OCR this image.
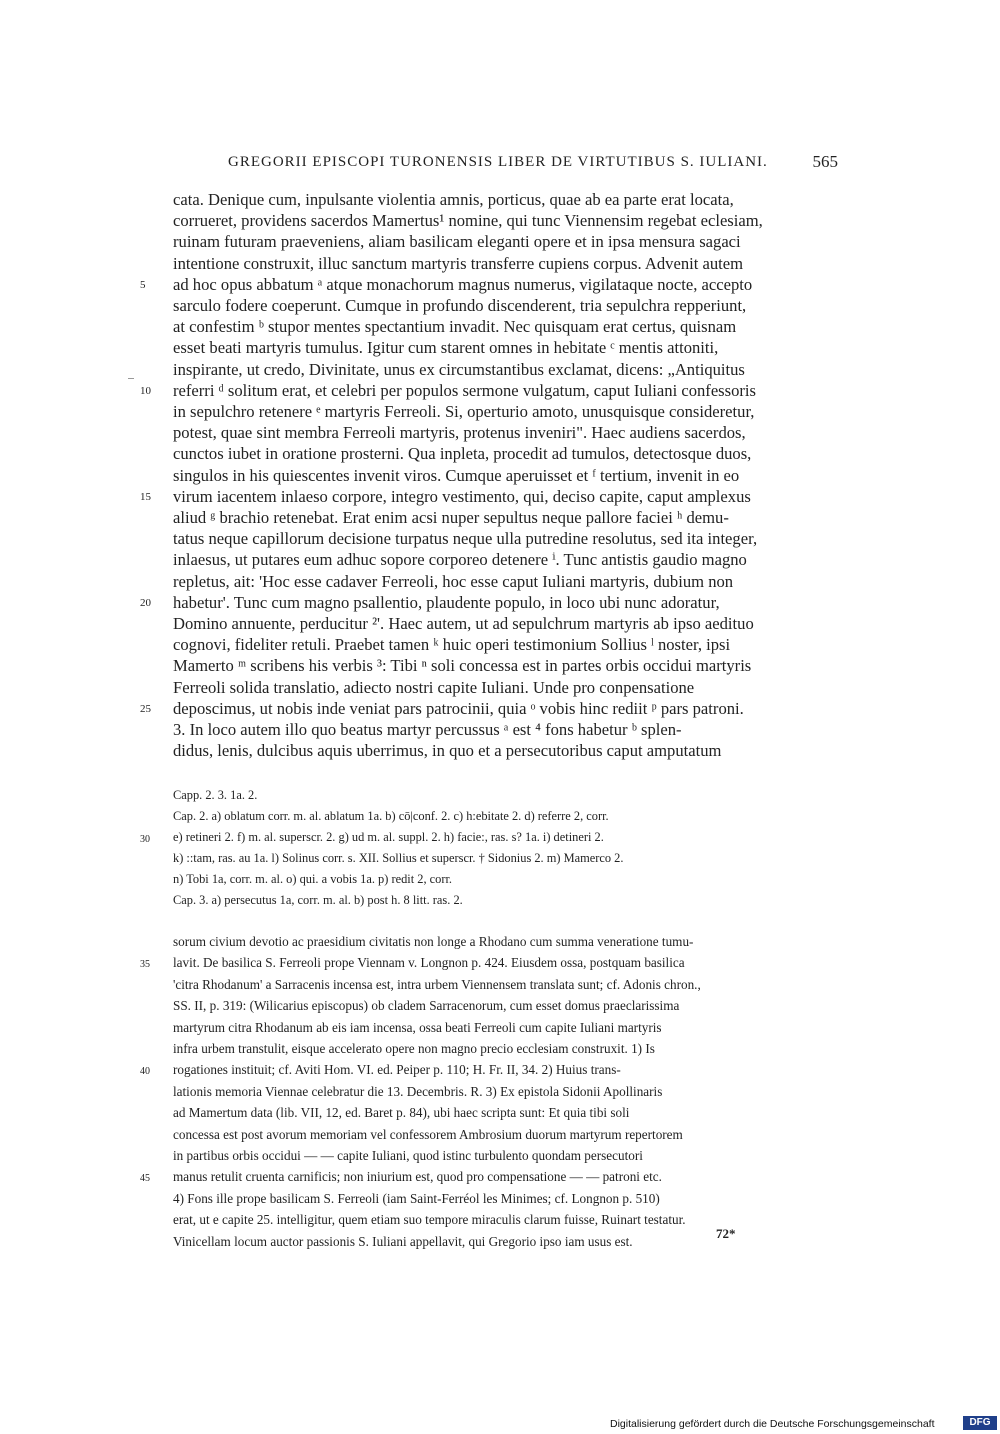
GREGORII EPISCOPI TURONENSIS LIBER DE VIRTUTIBUS S. IULIANI.	565
cata. Denique cum, inpulsante violentia amnis, porticus, quae ab ea parte erat locata,
corrueret, providens sacerdos Mamertus¹ nomine, qui tunc Viennensim regebat eclesiam,
ruinam futuram praeveniens, aliam basilicam eleganti opere et in ipsa mensura sagaci
intentione construxit, illuc sanctum martyris transferre cupiens corpus. Advenit autem
ad hoc opus abbatum ᵃ atque monachorum magnus numerus, vigilataque nocte, accepto
5
sarculo fodere coeperunt. Cumque in profundo discenderent, tria sepulchra repperiunt,
at confestim ᵇ stupor mentes spectantium invadit. Nec quisquam erat certus, quisnam
esset beati martyris tumulus. Igitur cum starent omnes in hebitate ᶜ mentis attoniti,
inspirante, ut credo, Divinitate, unus ex circumstantibus exclamat, dicens: „Antiquitus
referri ᵈ solitum erat, et celebri per populos sermone vulgatum, caput Iuliani confessoris
10
in sepulchro retenere ᵉ martyris Ferreoli. Si, operturio amoto, unusquisque consideretur,
potest, quae sint membra Ferreoli martyris, protenus inveniri". Haec audiens sacerdos,
cunctos iubet in oratione prosterni. Qua inpleta, procedit ad tumulos, detectosque duos,
singulos in his quiescentes invenit viros. Cumque aperuisset et ᶠ tertium, invenit in eo
virum iacentem inlaeso corpore, integro vestimento, qui, deciso capite, caput amplexus
15
aliud ᵍ brachio retenebat. Erat enim acsi nuper sepultus neque pallore faciei ʰ demu-
tatus neque capillorum decisione turpatus neque ulla putredine resolutus, sed ita integer,
inlaesus, ut putares eum adhuc sopore corporeo detenere ⁱ. Tunc antistis gaudio magno
repletus, ait: 'Hoc esse cadaver Ferreoli, hoc esse caput Iuliani martyris, dubium non
habetur'. Tunc cum magno psallentio, plaudente populo, in loco ubi nunc adoratur,
20
Domino annuente, perducitur ²'. Haec autem, ut ad sepulchrum martyris ab ipso aedituo
cognovi, fideliter retuli. Praebet tamen ᵏ huic operi testimonium Sollius ˡ noster, ipsi
Mamerto ᵐ scribens his verbis ³: Tibi ⁿ soli concessa est in partes orbis occidui martyris
Ferreoli solida translatio, adiecto nostri capite Iuliani. Unde pro conpensatione
deposcimus, ut nobis inde veniat pars patrocinii, quia ᵒ vobis hinc rediit ᵖ pars patroni.
25
3. In loco autem illo quo beatus martyr percussus ᵃ est ⁴ fons habetur ᵇ splen-
didus, lenis, dulcibus aquis uberrimus, in quo et a persecutoribus caput amputatum
Capp. 2. 3. 1a. 2.
Cap. 2. a) oblatum corr. m. al. ablatum 1a. b) cō|conf. 2. c) h:ebitate 2. d) referre 2, corr.
e) retineri 2. f) m. al. superscr. 2. g) ud m. al. suppl. 2. h) facie:, ras. s? 1a. i) detineri 2.
30
k) ::tam, ras. au 1a. l) Solinus corr. s. XII. Sollius et superscr. † Sidonius 2. m) Mamerco 2.
n) Tobi 1a, corr. m. al. o) qui. a vobis 1a. p) redit 2, corr.
Cap. 3. a) persecutus 1a, corr. m. al. b) post h. 8 litt. ras. 2.
sorum civium devotio ac praesidium civitatis non longe a Rhodano cum summa veneratione tumu-
lavit. De basilica S. Ferreoli prope Viennam v. Longnon p. 424. Eiusdem ossa, postquam basilica
35
'citra Rhodanum' a Sarracenis incensa est, intra urbem Viennensem translata sunt; cf. Adonis chron.,
SS. II, p. 319: (Wilicarius episcopus) ob cladem Sarracenorum, cum esset domus praeclarissima
martyrum citra Rhodanum ab eis iam incensa, ossa beati Ferreoli cum capite Iuliani martyris
infra urbem transtulit, eisque accelerato opere non magno precio ecclesiam construxit. 1) Is
rogationes instituit; cf. Aviti Hom. VI. ed. Peiper p. 110; H. Fr. II, 34. 2) Huius trans-
40
lationis memoria Viennae celebratur die 13. Decembris. R. 3) Ex epistola Sidonii Apollinaris
ad Mamertum data (lib. VII, 12, ed. Baret p. 84), ubi haec scripta sunt: Et quia tibi soli
concessa est post avorum memoriam vel confessorem Ambrosium duorum martyrum repertorem
in partibus orbis occidui — — capite Iuliani, quod istinc turbulento quondam persecutori
manus retulit cruenta carnificis; non iniurium est, quod pro compensatione — — patroni etc.
45
4) Fons ille prope basilicam S. Ferreoli (iam Saint-Ferréol les Minimes; cf. Longnon p. 510)
erat, ut e capite 25. intelligitur, quem etiam suo tempore miraculis clarum fuisse, Ruinart testatur.
Vinicellam locum auctor passionis S. Iuliani appellavit, qui Gregorio ipso iam usus est.
72*
Digitalisierung gefördert durch die Deutsche Forschungsgemeinschaft	DFG
